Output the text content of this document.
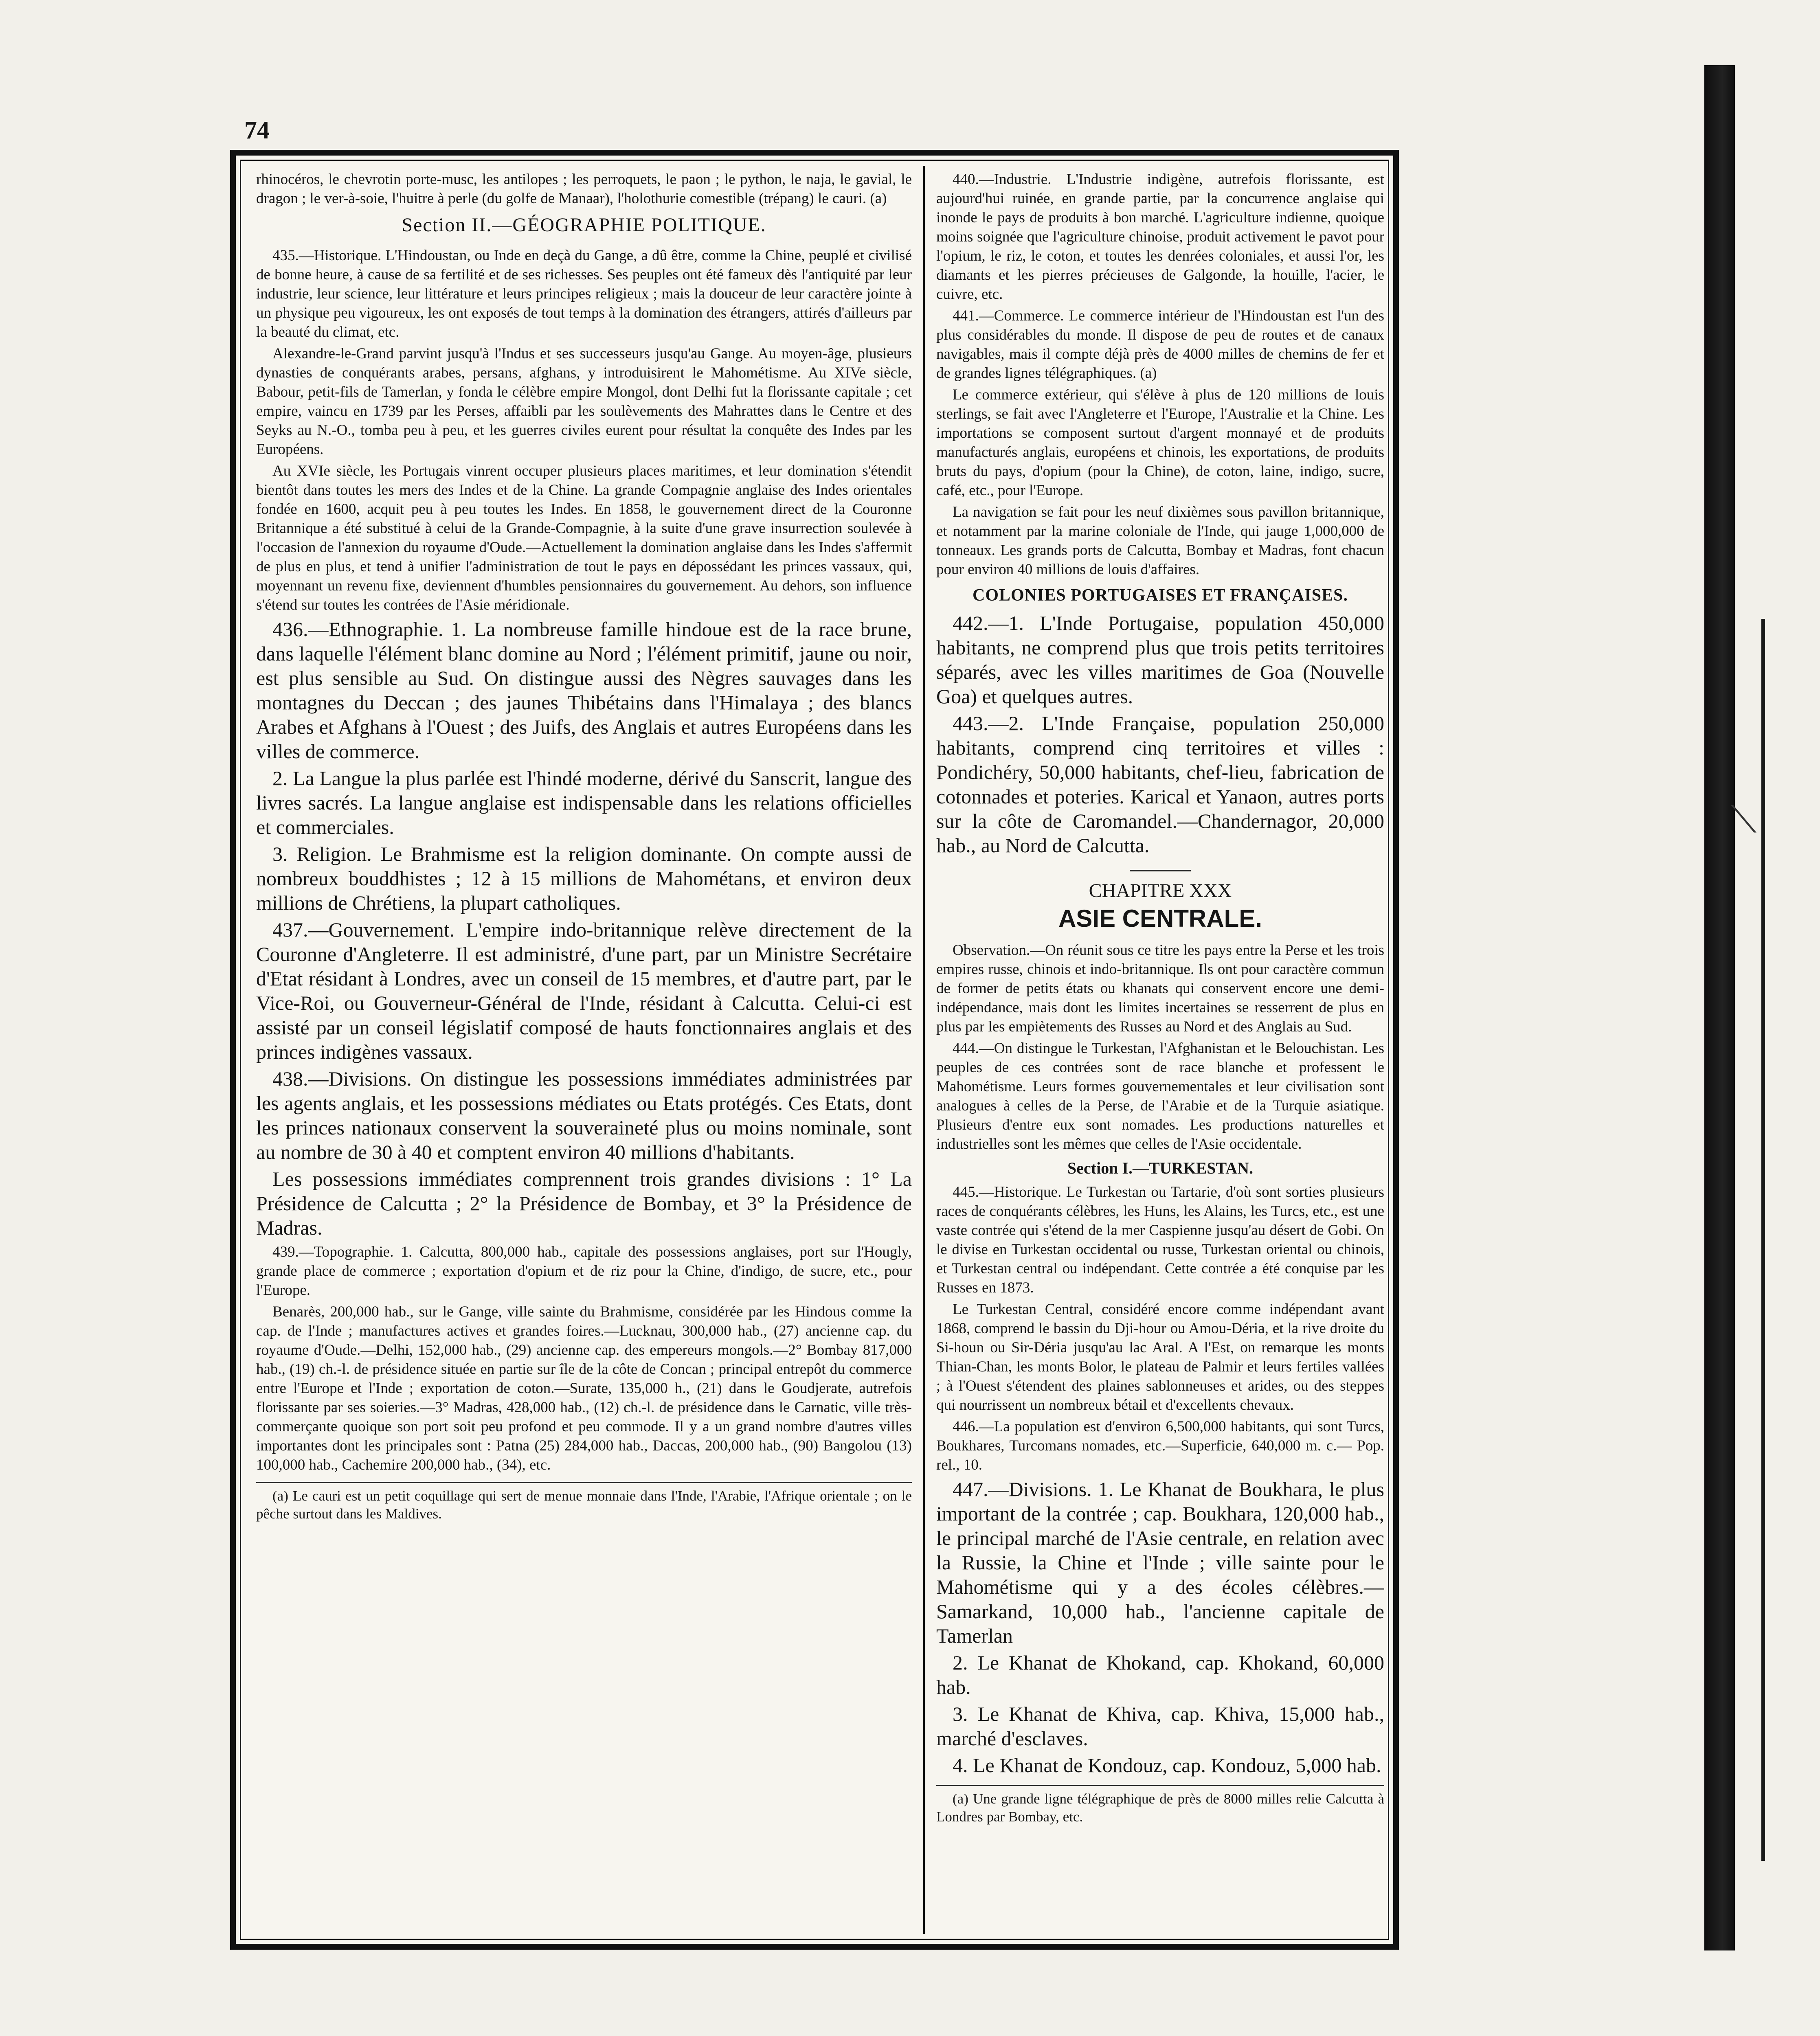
74

rhinocéros, le chevrotin porte-musc, les antilopes ; les perroquets, le paon ; le python, le naja, le gavial, le dragon ; le ver-à-soie, l'huitre à perle (du golfe de Manaar), l'holothurie comestible (trépang) le cauri. (a)

Section II.—GÉOGRAPHIE POLITIQUE.

435.—Historique. L'Hindoustan, ou Inde en deçà du Gange, a dû être, comme la Chine, peuplé et civilisé de bonne heure, à cause de sa fertilité et de ses richesses. Ses peuples ont été fameux dès l'antiquité par leur industrie, leur science, leur littérature et leurs principes religieux ; mais la douceur de leur caractère jointe à un physique peu vigoureux, les ont exposés de tout temps à la domination des étrangers, attirés d'ailleurs par la beauté du climat, etc.

Alexandre-le-Grand parvint jusqu'à l'Indus et ses successeurs jusqu'au Gange. Au moyen-âge, plusieurs dynasties de conquérants arabes, persans, afghans, y introduisirent le Mahométisme. Au XIVe siècle, Babour, petit-fils de Tamerlan, y fonda le célèbre empire Mongol, dont Delhi fut la florissante capitale ; cet empire, vaincu en 1739 par les Perses, affaibli par les soulèvements des Mahrattes dans le Centre et des Seyks au N.-O., tomba peu à peu, et les guerres civiles eurent pour résultat la conquête des Indes par les Européens.

Au XVIe siècle, les Portugais vinrent occuper plusieurs places maritimes, et leur domination s'étendit bientôt dans toutes les mers des Indes et de la Chine. La grande Compagnie anglaise des Indes orientales fondée en 1600, acquit peu à peu toutes les Indes. En 1858, le gouvernement direct de la Couronne Britannique a été substitué à celui de la Grande-Compagnie, à la suite d'une grave insurrection soulevée à l'occasion de l'annexion du royaume d'Oude.—Actuellement la domination anglaise dans les Indes s'affermit de plus en plus, et tend à unifier l'administration de tout le pays en dépossédant les princes vassaux, qui, moyennant un revenu fixe, deviennent d'humbles pensionnaires du gouvernement. Au dehors, son influence s'étend sur toutes les contrées de l'Asie méridionale.

436.—Ethnographie. 1. La nombreuse famille hindoue est de la race brune, dans laquelle l'élément blanc domine au Nord ; l'élément primitif, jaune ou noir, est plus sensible au Sud. On distingue aussi des Nègres sauvages dans les montagnes du Deccan ; des jaunes Thibétains dans l'Himalaya ; des blancs Arabes et Afghans à l'Ouest ; des Juifs, des Anglais et autres Européens dans les villes de commerce.

2. La Langue la plus parlée est l'hindé moderne, dérivé du Sanscrit, langue des livres sacrés. La langue anglaise est indispensable dans les relations officielles et commerciales.

3. Religion. Le Brahmisme est la religion dominante. On compte aussi de nombreux bouddhistes ; 12 à 15 millions de Mahométans, et environ deux millions de Chrétiens, la plupart catholiques.

437.—Gouvernement. L'empire indo-britannique relève directement de la Couronne d'Angleterre. Il est administré, d'une part, par un Ministre Secrétaire d'Etat résidant à Londres, avec un conseil de 15 membres, et d'autre part, par le Vice-Roi, ou Gouverneur-Général de l'Inde, résidant à Calcutta. Celui-ci est assisté par un conseil législatif composé de hauts fonctionnaires anglais et des princes indigènes vassaux.

438.—Divisions. On distingue les possessions immédiates administrées par les agents anglais, et les possessions médiates ou Etats protégés. Ces Etats, dont les princes nationaux conservent la souveraineté plus ou moins nominale, sont au nombre de 30 à 40 et comptent environ 40 millions d'habitants.

Les possessions immédiates comprennent trois grandes divisions : 1° La Présidence de Calcutta ; 2° la Présidence de Bombay, et 3° la Présidence de Madras.

439.—Topographie. 1. Calcutta, 800,000 hab., capitale des possessions anglaises, port sur l'Hougly, grande place de commerce ; exportation d'opium et de riz pour la Chine, d'indigo, de sucre, etc., pour l'Europe.

Benarès, 200,000 hab., sur le Gange, ville sainte du Brahmisme, considérée par les Hindous comme la cap. de l'Inde ; manufactures actives et grandes foires.—Lucknau, 300,000 hab., (27) ancienne cap. du royaume d'Oude.—Delhi, 152,000 hab., (29) ancienne cap. des empereurs mongols.—2° Bombay 817,000 hab., (19) ch.-l. de présidence située en partie sur île de la côte de Concan ; principal entrepôt du commerce entre l'Europe et l'Inde ; exportation de coton.—Surate, 135,000 h., (21) dans le Goudjerate, autrefois florissante par ses soieries.—3° Madras, 428,000 hab., (12) ch.-l. de présidence dans le Carnatic, ville très-commerçante quoique son port soit peu profond et peu commode. Il y a un grand nombre d'autres villes importantes dont les principales sont : Patna (25) 284,000 hab., Daccas, 200,000 hab., (90) Bangolou (13) 100,000 hab., Cachemire 200,000 hab., (34), etc.

(a) Le cauri est un petit coquillage qui sert de menue monnaie dans l'Inde, l'Arabie, l'Afrique orientale ; on le pêche surtout dans les Maldives.

440.—Industrie. L'Industrie indigène, autrefois florissante, est aujourd'hui ruinée, en grande partie, par la concurrence anglaise qui inonde le pays de produits à bon marché. L'agriculture indienne, quoique moins soignée que l'agriculture chinoise, produit activement le pavot pour l'opium, le riz, le coton, et toutes les denrées coloniales, et aussi l'or, les diamants et les pierres précieuses de Galgonde, la houille, l'acier, le cuivre, etc.

441.—Commerce. Le commerce intérieur de l'Hindoustan est l'un des plus considérables du monde. Il dispose de peu de routes et de canaux navigables, mais il compte déjà près de 4000 milles de chemins de fer et de grandes lignes télégraphiques. (a)

Le commerce extérieur, qui s'élève à plus de 120 millions de louis sterlings, se fait avec l'Angleterre et l'Europe, l'Australie et la Chine. Les importations se composent surtout d'argent monnayé et de produits manufacturés anglais, européens et chinois, les exportations, de produits bruts du pays, d'opium (pour la Chine), de coton, laine, indigo, sucre, café, etc., pour l'Europe.

La navigation se fait pour les neuf dixièmes sous pavillon britannique, et notamment par la marine coloniale de l'Inde, qui jauge 1,000,000 de tonneaux. Les grands ports de Calcutta, Bombay et Madras, font chacun pour environ 40 millions de louis d'affaires.

COLONIES PORTUGAISES ET FRANÇAISES.

442.—1. L'Inde Portugaise, population 450,000 habitants, ne comprend plus que trois petits territoires séparés, avec les villes maritimes de Goa (Nouvelle Goa) et quelques autres.

443.—2. L'Inde Française, population 250,000 habitants, comprend cinq territoires et villes : Pondichéry, 50,000 habitants, chef-lieu, fabrication de cotonnades et poteries. Karical et Yanaon, autres ports sur la côte de Caromandel.—Chandernagor, 20,000 hab., au Nord de Calcutta.

CHAPITRE XXX

ASIE CENTRALE.

Observation.—On réunit sous ce titre les pays entre la Perse et les trois empires russe, chinois et indo-britannique. Ils ont pour caractère commun de former de petits états ou khanats qui conservent encore une demi-indépendance, mais dont les limites incertaines se resserrent de plus en plus par les empiètements des Russes au Nord et des Anglais au Sud.

444.—On distingue le Turkestan, l'Afghanistan et le Belouchistan. Les peuples de ces contrées sont de race blanche et professent le Mahométisme. Leurs formes gouvernementales et leur civilisation sont analogues à celles de la Perse, de l'Arabie et de la Turquie asiatique. Plusieurs d'entre eux sont nomades. Les productions naturelles et industrielles sont les mêmes que celles de l'Asie occidentale.

Section I.—TURKESTAN.

445.—Historique. Le Turkestan ou Tartarie, d'où sont sorties plusieurs races de conquérants célèbres, les Huns, les Alains, les Turcs, etc., est une vaste contrée qui s'étend de la mer Caspienne jusqu'au désert de Gobi. On le divise en Turkestan occidental ou russe, Turkestan oriental ou chinois, et Turkestan central ou indépendant. Cette contrée a été conquise par les Russes en 1873.

Le Turkestan Central, considéré encore comme indépendant avant 1868, comprend le bassin du Dji-hour ou Amou-Déria, et la rive droite du Si-houn ou Sir-Déria jusqu'au lac Aral. A l'Est, on remarque les monts Thian-Chan, les monts Bolor, le plateau de Palmir et leurs fertiles vallées ; à l'Ouest s'étendent des plaines sablonneuses et arides, ou des steppes qui nourrissent un nombreux bétail et d'excellents chevaux.

446.—La population est d'environ 6,500,000 habitants, qui sont Turcs, Boukhares, Turcomans nomades, etc.—Superficie, 640,000 m. c.— Pop. rel., 10.

447.—Divisions. 1. Le Khanat de Boukhara, le plus important de la contrée ; cap. Boukhara, 120,000 hab., le principal marché de l'Asie centrale, en relation avec la Russie, la Chine et l'Inde ; ville sainte pour le Mahométisme qui y a des écoles célèbres.—Samarkand, 10,000 hab., l'ancienne capitale de Tamerlan

2. Le Khanat de Khokand, cap. Khokand, 60,000 hab.

3. Le Khanat de Khiva, cap. Khiva, 15,000 hab., marché d'esclaves.

4. Le Khanat de Kondouz, cap. Kondouz, 5,000 hab.

(a) Une grande ligne télégraphique de près de 8000 milles relie Calcutta à Londres par Bombay, etc.

⟍
